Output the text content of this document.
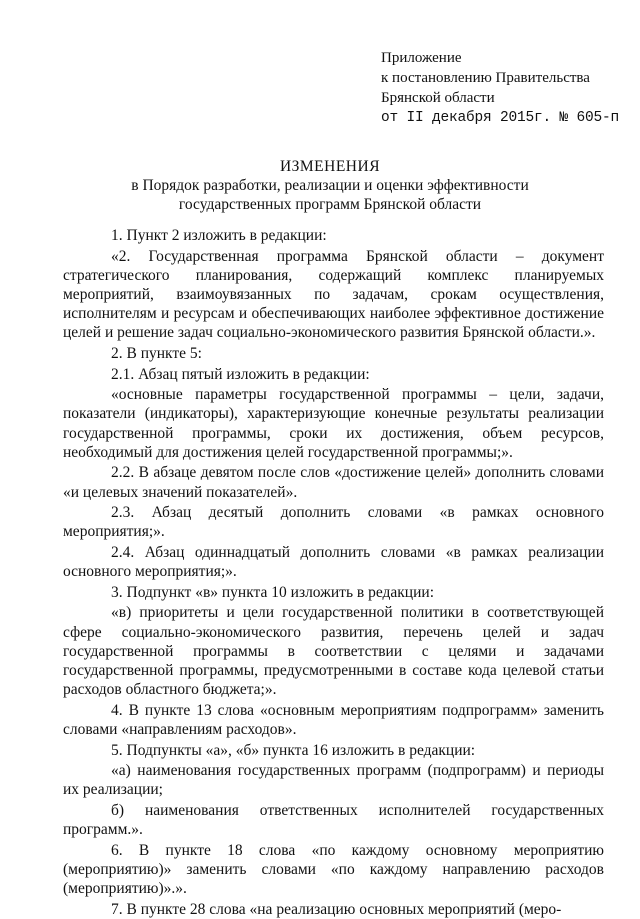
Приложение
к постановлению Правительства
Брянской области
от II декабря 2015г. № 605-п
ИЗМЕНЕНИЯ
в Порядок разработки, реализации и оценки эффективности
государственных программ Брянской области

1. Пункт 2 изложить в редакции:

«2. Государственная программа Брянской области – документ стратегического планирования, содержащий комплекс планируемых мероприятий, взаимоувязанных по задачам, срокам осуществления, исполнителям и ресурсам и обеспечивающих наиболее эффективное достижение целей и решение задач социально-экономического развития Брянской области.».

2. В пункте 5:

2.1. Абзац пятый изложить в редакции:

«основные параметры государственной программы – цели, задачи, показатели (индикаторы), характеризующие конечные результаты реализации государственной программы, сроки их достижения, объем ресурсов, необходимый для достижения целей государственной программы;».

2.2. В абзаце девятом после слов «достижение целей» дополнить словами «и целевых значений показателей».

2.3. Абзац десятый дополнить словами «в рамках основного мероприятия;».

2.4. Абзац одиннадцатый дополнить словами «в рамках реализации основного мероприятия;».

3. Подпункт «в» пункта 10 изложить в редакции:

«в) приоритеты и цели государственной политики в соответствующей сфере социально-экономического развития, перечень целей и задач государственной программы в соответствии с целями и задачами государственной программы, предусмотренными в составе кода целевой статьи расходов областного бюджета;».

4. В пункте 13 слова «основным мероприятиям подпрограмм» заменить словами «направлениям расходов».

5. Подпункты «а», «б» пункта 16 изложить в редакции:

«а) наименования государственных программ (подпрограмм) и периоды их реализации;

б) наименования ответственных исполнителей государственных программ.».

6. В пункте 18 слова «по каждому основному мероприятию (мероприятию)» заменить словами «по каждому направлению расходов (мероприятию)».».

7. В пункте 28 слова «на реализацию основных мероприятий (меро-
